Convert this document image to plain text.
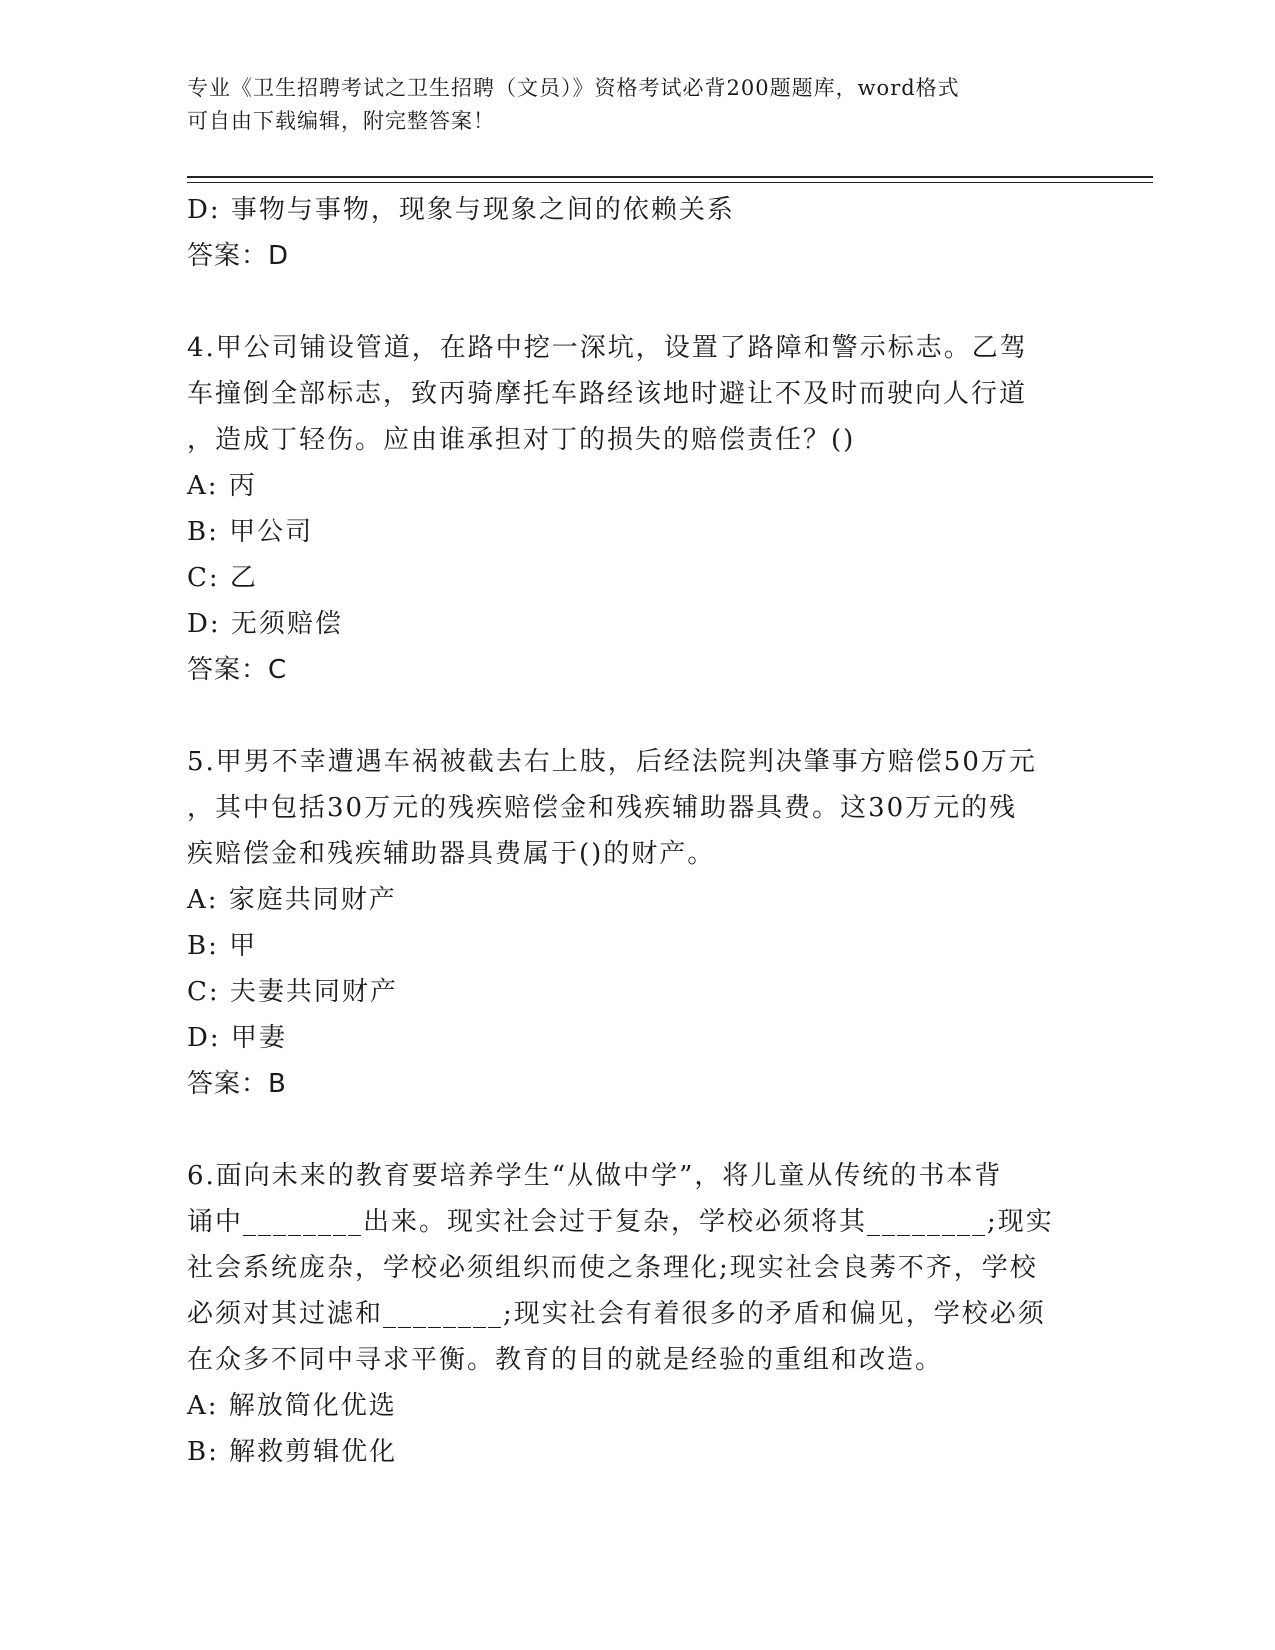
专业《卫生招聘考试之卫生招聘（文员）》资格考试必背200题题库，word格式
可自由下载编辑，附完整答案！

D: 事物与事物，现象与现象之间的依赖关系

答案：D

4.甲公司铺设管道，在路中挖一深坑，设置了路障和警示标志。乙驾

车撞倒全部标志，致丙骑摩托车路经该地时避让不及时而驶向人行道

，造成丁轻伤。应由谁承担对丁的损失的赔偿责任？()

A: 丙

B: 甲公司

C: 乙

D: 无须赔偿

答案：C

5.甲男不幸遭遇车祸被截去右上肢，后经法院判决肇事方赔偿50万元

，其中包括30万元的残疾赔偿金和残疾辅助器具费。这30万元的残

疾赔偿金和残疾辅助器具费属于()的财产。

A: 家庭共同财产

B: 甲

C: 夫妻共同财产

D: 甲妻

答案：B

6.面向未来的教育要培养学生“从做中学”，将儿童从传统的书本背

诵中________出来。现实社会过于复杂，学校必须将其________;现实

社会系统庞杂，学校必须组织而使之条理化;现实社会良莠不齐，学校

必须对其过滤和________;现实社会有着很多的矛盾和偏见，学校必须

在众多不同中寻求平衡。教育的目的就是经验的重组和改造。

A: 解放简化优选

B: 解救剪辑优化
